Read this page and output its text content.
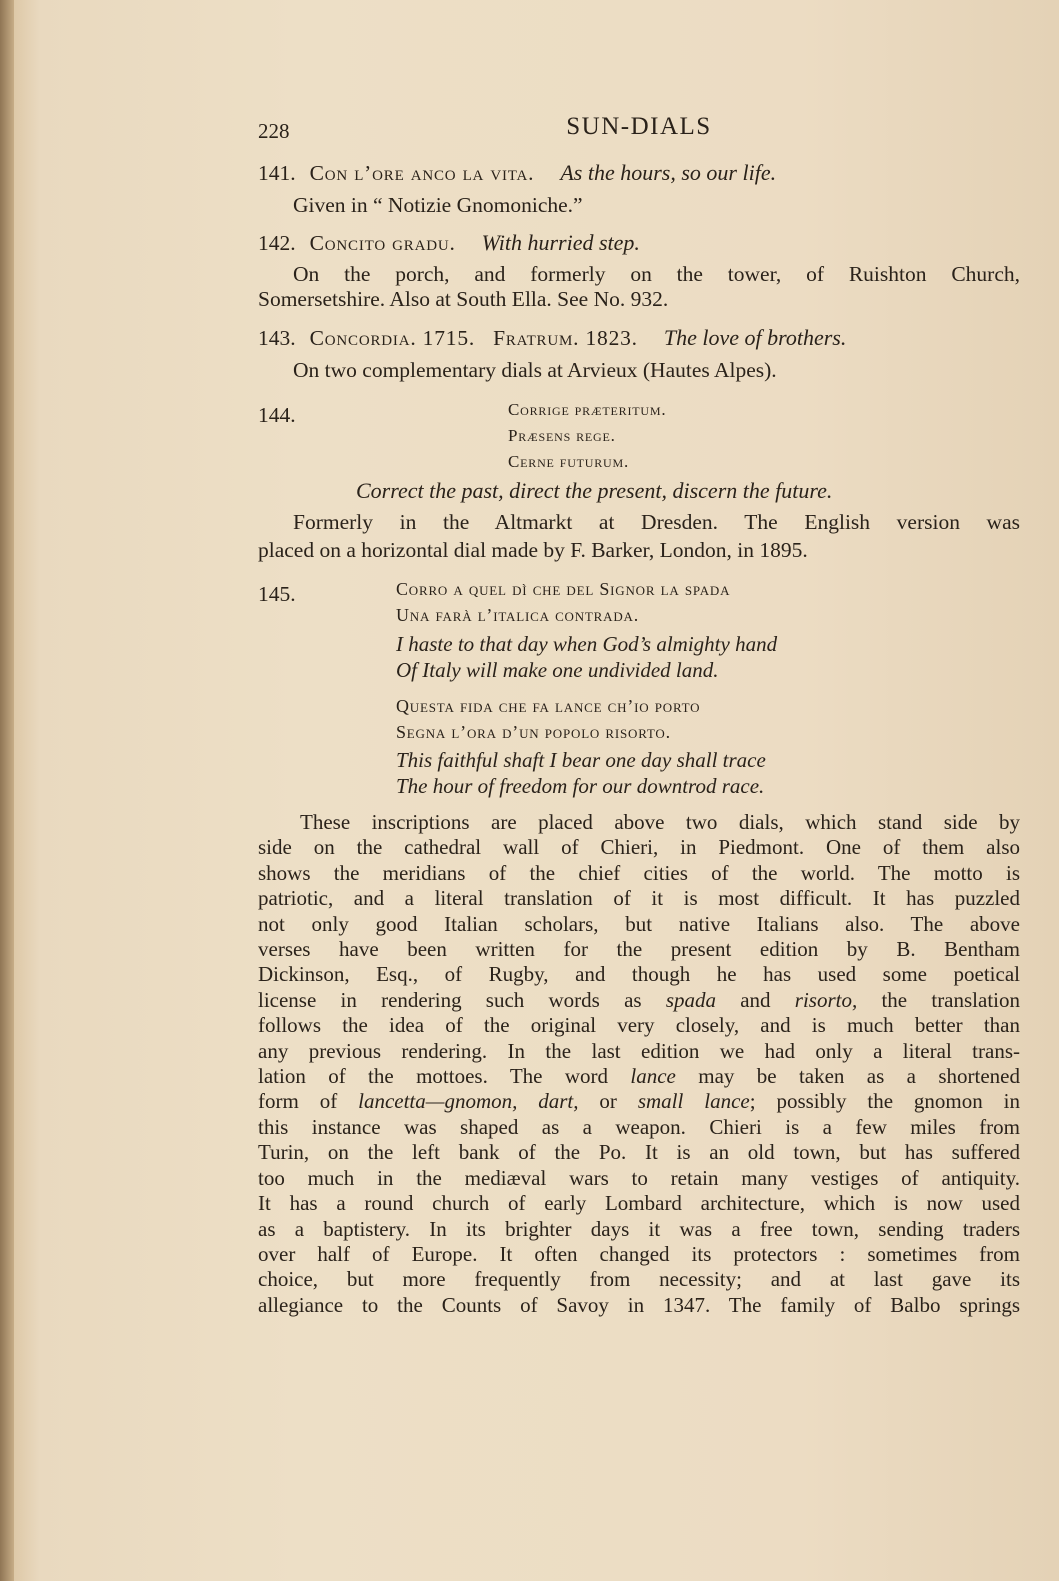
228	SUN-DIALS
141. Con l’ore anco la vita. As the hours, so our life.
Given in “ Notizie Gnomoniche.”
142. Concito gradu. With hurried step.
On the porch, and formerly on the tower, of Ruishton Church,
Somersetshire. Also at South Ella. See No. 932.
143. Concordia. 1715. Fratrum. 1823. The love of brothers.
On two complementary dials at Arvieux (Hautes Alpes).
144.	Corrige præteritum.
Præsens rege.
Cerne futurum.
Correct the past, direct the present, discern the future.
Formerly in the Altmarkt at Dresden. The English version was
placed on a horizontal dial made by F. Barker, London, in 1895.
145.	Corro a quel dì che del Signor la spada
Una farà l’italica contrada.
I haste to that day when God’s almighty hand
Of Italy will make one undivided land.
Questa fida che fa lance ch’io porto
Segna l’ora d’un popolo risorto.
This faithful shaft I bear one day shall trace
The hour of freedom for our downtrod race.

These inscriptions are placed above two dials, which stand side by

side on the cathedral wall of Chieri, in Piedmont. One of them also

shows the meridians of the chief cities of the world. The motto is

patriotic, and a literal translation of it is most difficult. It has puzzled

not only good Italian scholars, but native Italians also. The above

verses have been written for the present edition by B. Bentham

Dickinson, Esq., of Rugby, and though he has used some poetical

license in rendering such words as spada and risorto, the translation

follows the idea of the original very closely, and is much better than

any previous rendering. In the last edition we had only a literal trans-

lation of the mottoes. The word lance may be taken as a shortened

form of lancetta—gnomon, dart, or small lance; possibly the gnomon in

this instance was shaped as a weapon. Chieri is a few miles from

Turin, on the left bank of the Po. It is an old town, but has suffered

too much in the mediæval wars to retain many vestiges of antiquity.

It has a round church of early Lombard architecture, which is now used

as a baptistery. In its brighter days it was a free town, sending traders

over half of Europe. It often changed its protectors : sometimes from

choice, but more frequently from necessity; and at last gave its

allegiance to the Counts of Savoy in 1347. The family of Balbo springs
